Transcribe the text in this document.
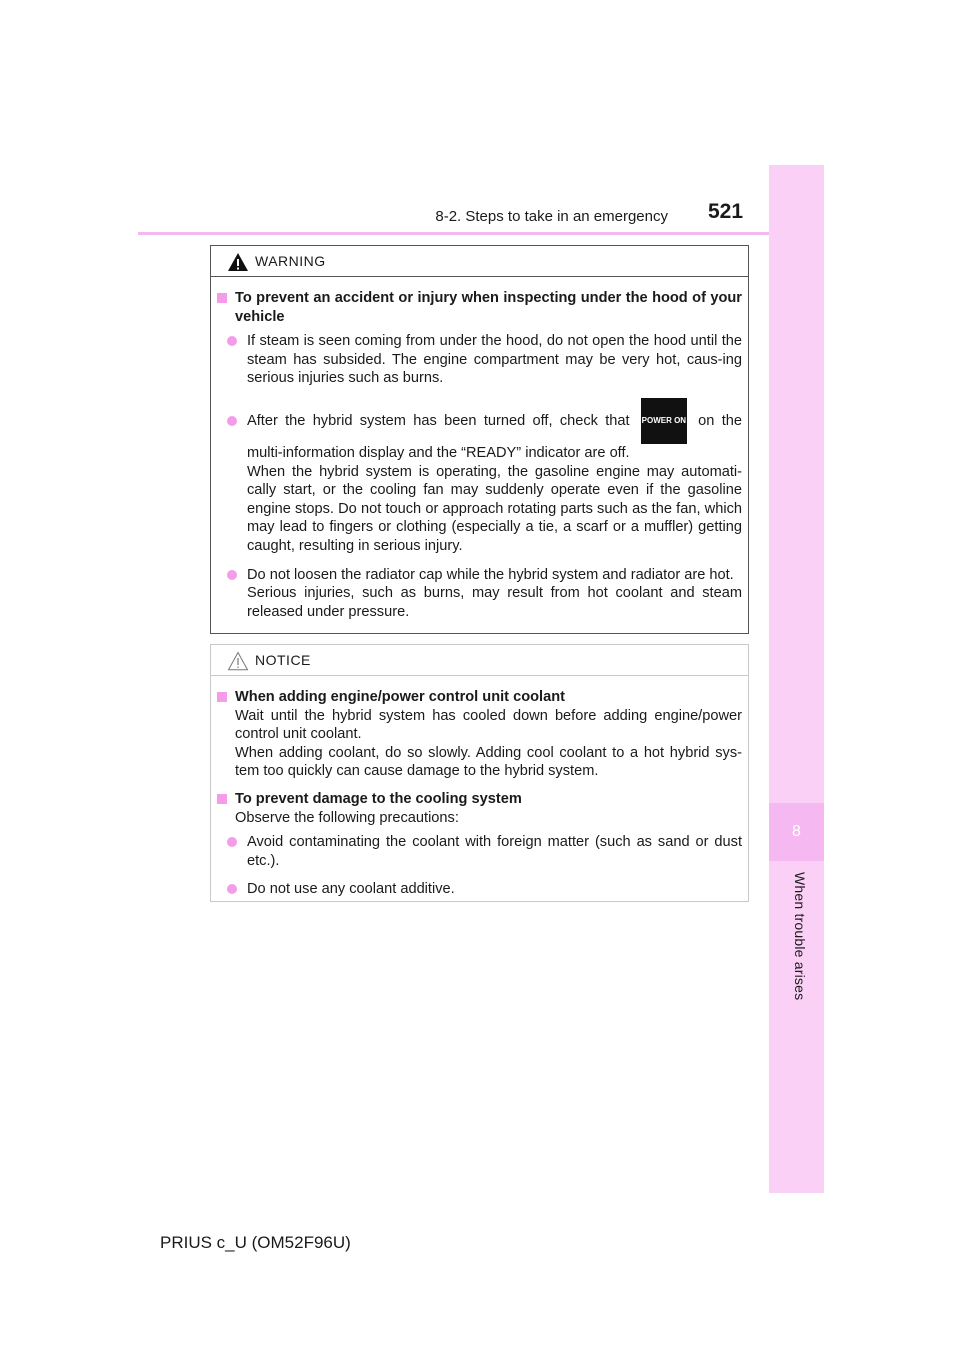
8-2. Steps to take in an emergency 521
8
When trouble arises
WARNING
To prevent an accident or injury when inspecting under the hood of your vehicle
If steam is seen coming from under the hood, do not open the hood until the steam has subsided. The engine compartment may be very hot, caus-ing serious injuries such as burns.
After the hybrid system has been turned off, check that POWER ON on the multi-information display and the “READY” indicator are off.
When the hybrid system is operating, the gasoline engine may automati-cally start, or the cooling fan may suddenly operate even if the gasoline engine stops. Do not touch or approach rotating parts such as the fan, which may lead to fingers or clothing (especially a tie, a scarf or a muffler) getting caught, resulting in serious injury.
Do not loosen the radiator cap while the hybrid system and radiator are hot.
Serious injuries, such as burns, may result from hot coolant and steam released under pressure.
NOTICE
When adding engine/power control unit coolant
Wait until the hybrid system has cooled down before adding engine/power control unit coolant.
When adding coolant, do so slowly. Adding cool coolant to a hot hybrid sys-tem too quickly can cause damage to the hybrid system.
To prevent damage to the cooling system
Observe the following precautions:
Avoid contaminating the coolant with foreign matter (such as sand or dust etc.).
Do not use any coolant additive.
PRIUS c_U (OM52F96U)
